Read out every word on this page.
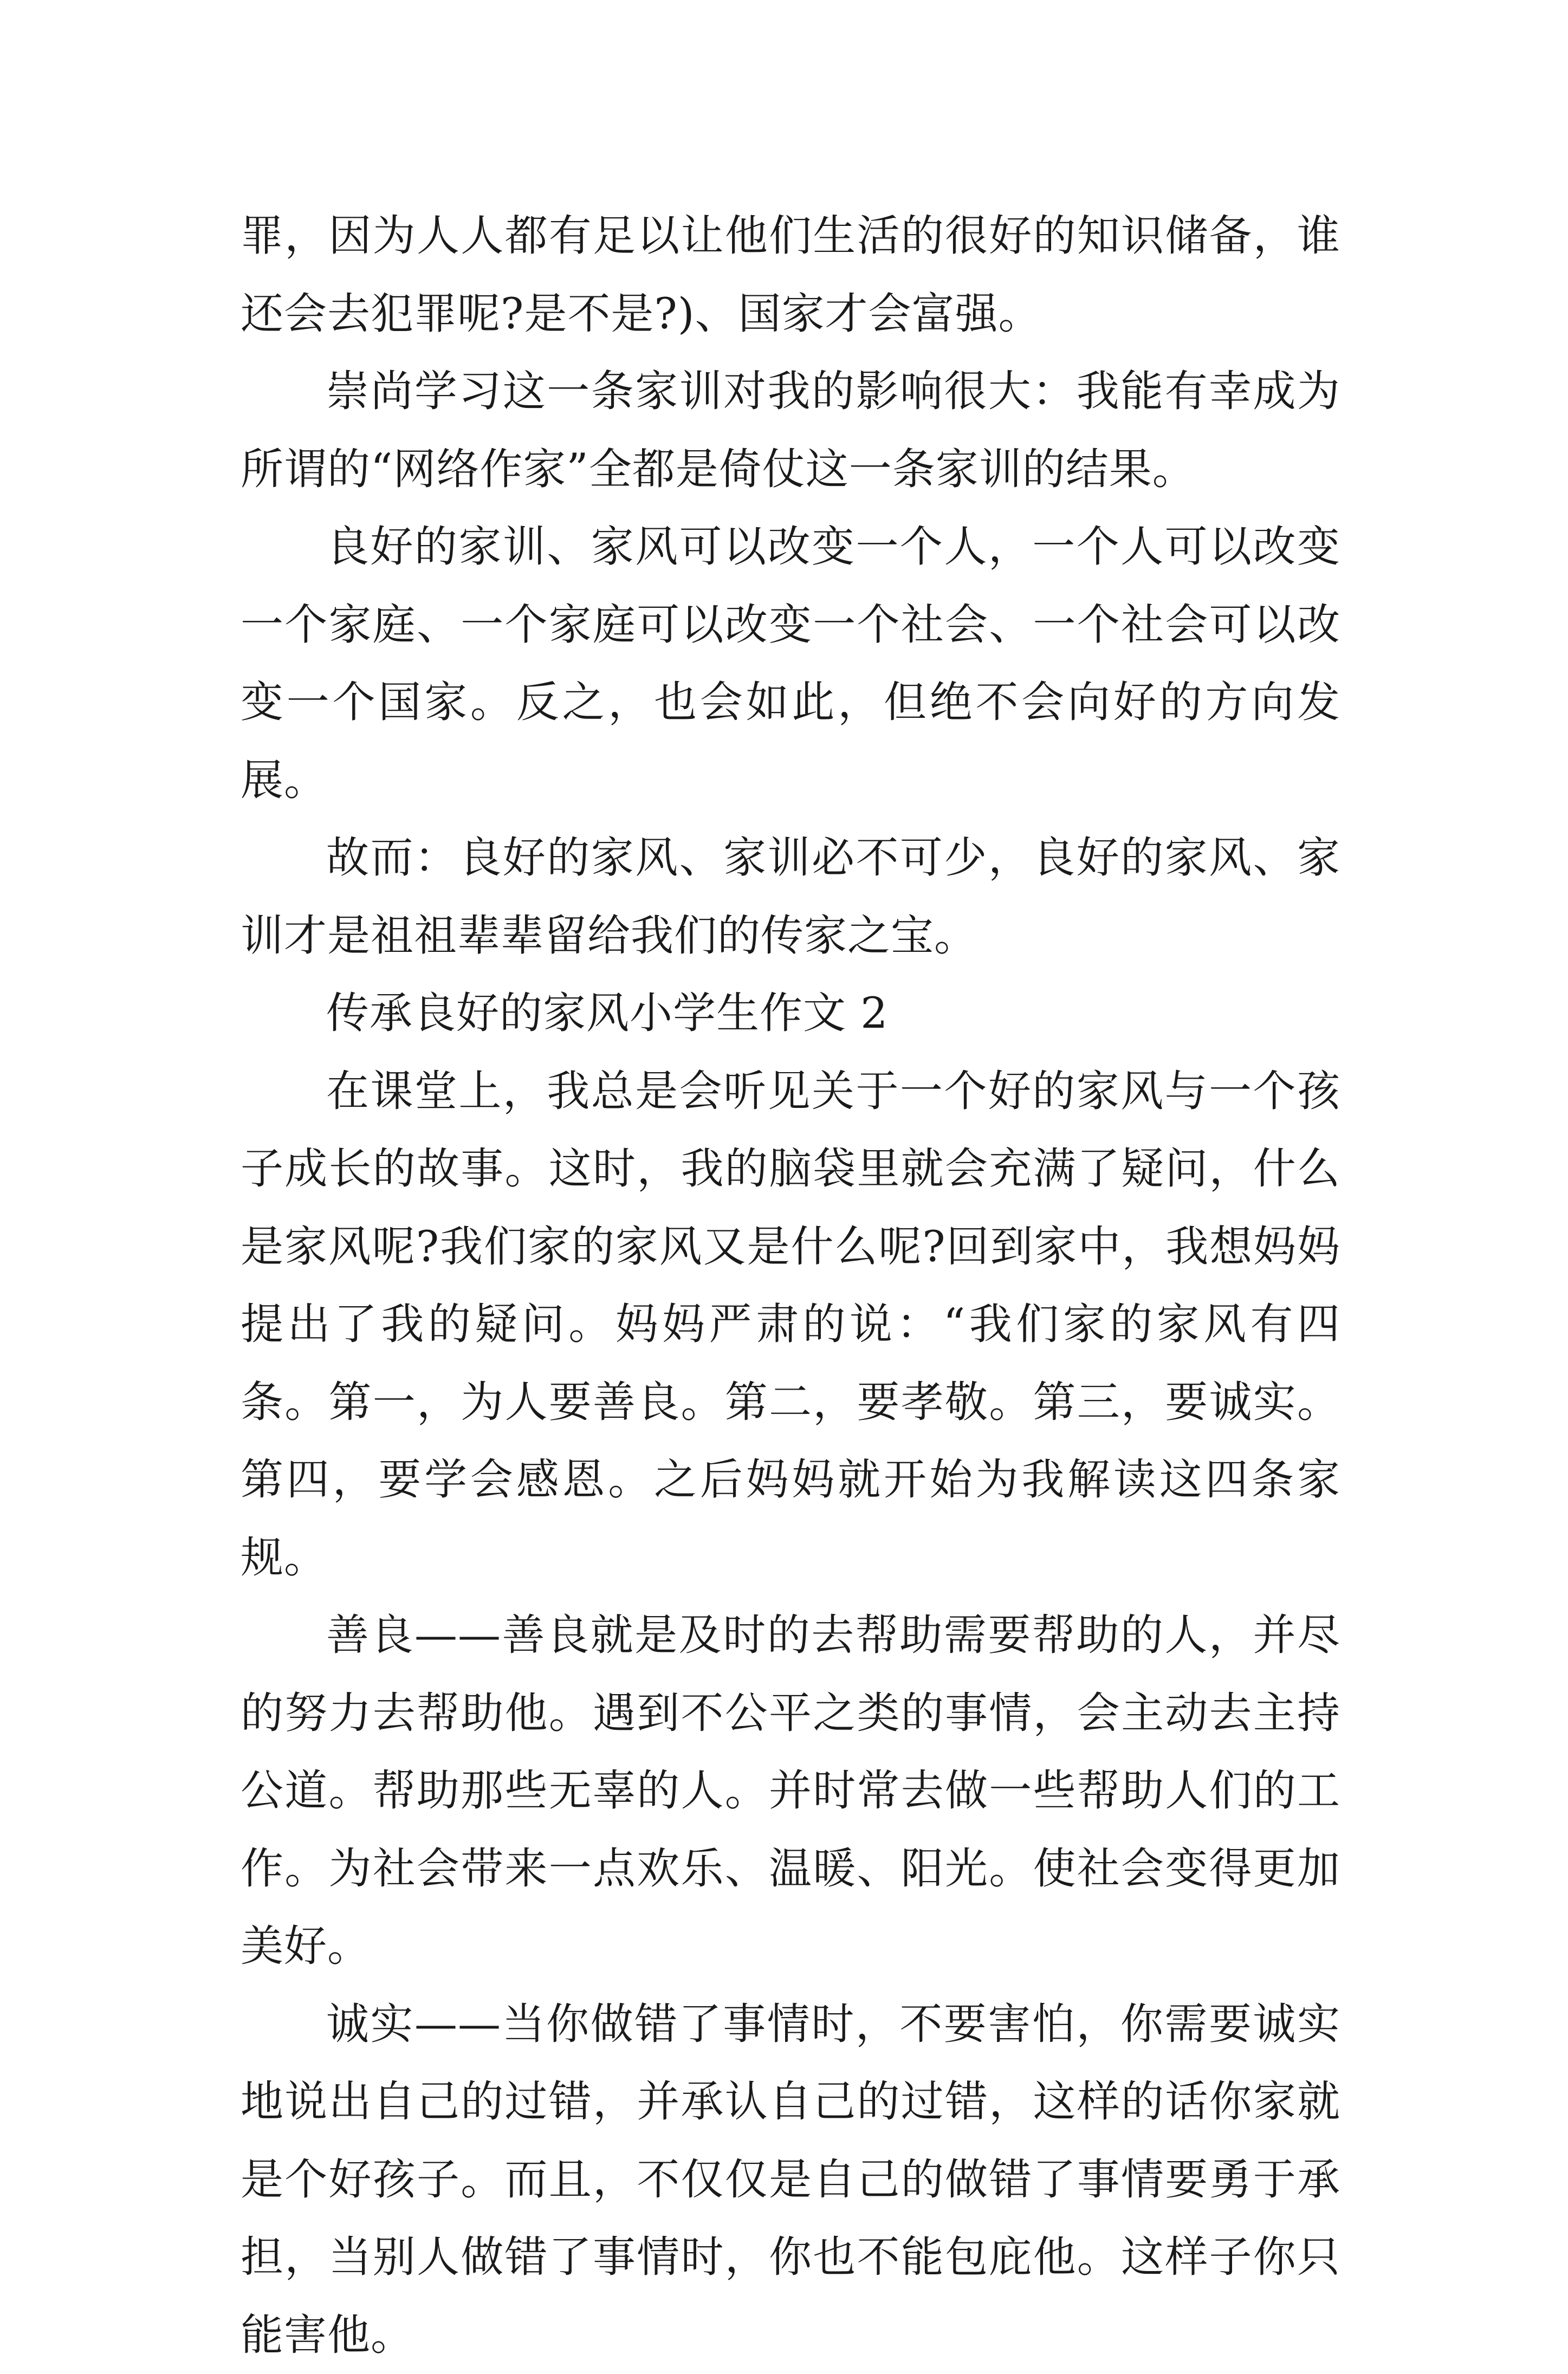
罪，因为人人都有足以让他们生活的很好的知识储备，谁还会去犯罪呢?是不是?)、国家才会富强。

崇尚学习这一条家训对我的影响很大：我能有幸成为所谓的“网络作家”全都是倚仗这一条家训的结果。

良好的家训、家风可以改变一个人，一个人可以改变一个家庭、一个家庭可以改变一个社会、一个社会可以改变一个国家。反之，也会如此，但绝不会向好的方向发展。

故而：良好的家风、家训必不可少，良好的家风、家训才是祖祖辈辈留给我们的传家之宝。

传承良好的家风小学生作文 2

在课堂上，我总是会听见关于一个好的家风与一个孩子成长的故事。这时，我的脑袋里就会充满了疑问，什么是家风呢?我们家的家风又是什么呢?回到家中，我想妈妈提出了我的疑问。妈妈严肃的说：“我们家的家风有四条。第一，为人要善良。第二，要孝敬。第三，要诚实。第四，要学会感恩。之后妈妈就开始为我解读这四条家规。

善良——善良就是及时的去帮助需要帮助的人，并尽的努力去帮助他。遇到不公平之类的事情，会主动去主持公道。帮助那些无辜的人。并时常去做一些帮助人们的工作。为社会带来一点欢乐、温暖、阳光。使社会变得更加美好。

诚实——当你做错了事情时，不要害怕，你需要诚实地说出自己的过错，并承认自己的过错，这样的话你家就是个好孩子。而且，不仅仅是自己的做错了事情要勇于承担，当别人做错了事情时，你也不能包庇他。这样子你只能害他。
